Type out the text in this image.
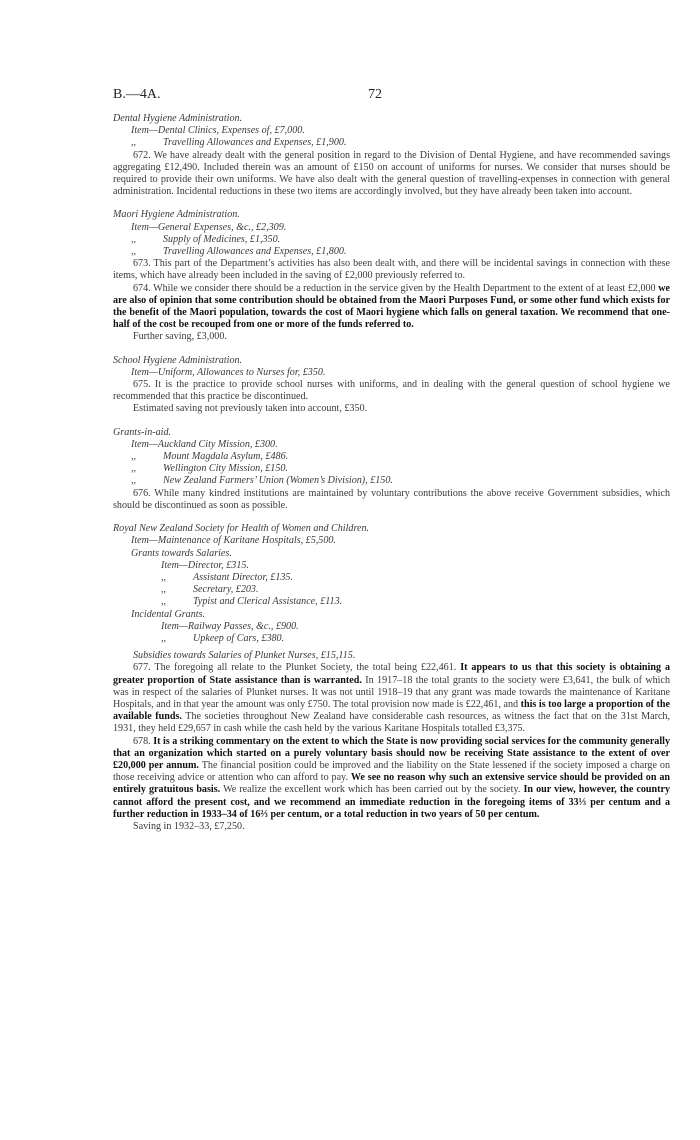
B.—4A.	72

Dental Hygiene Administration.

Item—Dental Clinics, Expenses of, £7,000.

,,	Travelling Allowances and Expenses, £1,900.

672. We have already dealt with the general position in regard to the Division of Dental Hygiene, and have recommended savings aggregating £12,490. Included therein was an amount of £150 on account of uniforms for nurses. We consider that nurses should be required to provide their own uniforms. We have also dealt with the general question of travelling-expenses in connection with general administration. Incidental reductions in these two items are accordingly involved, but they have already been taken into account.

Maori Hygiene Administration.

Item—General Expenses, &c., £2,309.

,,	Supply of Medicines, £1,350.

,,	Travelling Allowances and Expenses, £1,800.

673. This part of the Department’s activities has also been dealt with, and there will be incidental savings in connection with these items, which have already been included in the saving of £2,000 previously referred to.

674. While we consider there should be a reduction in the service given by the Health Department to the extent of at least £2,000 we are also of opinion that some contribution should be obtained from the Maori Purposes Fund, or some other fund which exists for the benefit of the Maori population, towards the cost of Maori hygiene which falls on general taxation. We recommend that one-half of the cost be recouped from one or more of the funds referred to.

Further saving, £3,000.

School Hygiene Administration.

Item—Uniform, Allowances to Nurses for, £350.

675. It is the practice to provide school nurses with uniforms, and in dealing with the general question of school hygiene we recommended that this practice be discontinued.

Estimated saving not previously taken into account, £350.

Grants-in-aid.

Item—Auckland City Mission, £300.

,,	Mount Magdala Asylum, £486.

,,	Wellington City Mission, £150.

,,	New Zealand Farmers’ Union (Women’s Division), £150.

676. While many kindred institutions are maintained by voluntary contributions the above receive Government subsidies, which should be discontinued as soon as possible.

Royal New Zealand Society for Health of Women and Children.

Item—Maintenance of Karitane Hospitals, £5,500.

Grants towards Salaries.

Item—Director, £315.

,,	Assistant Director, £135.

,,	Secretary, £203.

,,	Typist and Clerical Assistance, £113.

Incidental Grants.

Item—Railway Passes, &c., £900.

,,	Upkeep of Cars, £380.

Subsidies towards Salaries of Plunket Nurses, £15,115.

677. The foregoing all relate to the Plunket Society, the total being £22,461. It appears to us that this society is obtaining a greater proportion of State assistance than is warranted. In 1917–18 the total grants to the society were £3,641, the bulk of which was in respect of the salaries of Plunket nurses. It was not until 1918–19 that any grant was made towards the maintenance of Karitane Hospitals, and in that year the amount was only £750. The total provision now made is £22,461, and this is too large a proportion of the available funds. The societies throughout New Zealand have considerable cash resources, as witness the fact that on the 31st March, 1931, they held £29,657 in cash while the cash held by the various Karitane Hospitals totalled £3,375.

678. It is a striking commentary on the extent to which the State is now providing social services for the community generally that an organization which started on a purely voluntary basis should now be receiving State assistance to the extent of over £20,000 per annum. The financial position could be improved and the liability on the State lessened if the society imposed a charge on those receiving advice or attention who can afford to pay. We see no reason why such an extensive service should be provided on an entirely gratuitous basis. We realize the excellent work which has been carried out by the society. In our view, however, the country cannot afford the present cost, and we recommend an immediate reduction in the foregoing items of 33⅓ per centum and a further reduction in 1933–34 of 16⅔ per centum, or a total reduction in two years of 50 per centum.

Saving in 1932–33, £7,250.
